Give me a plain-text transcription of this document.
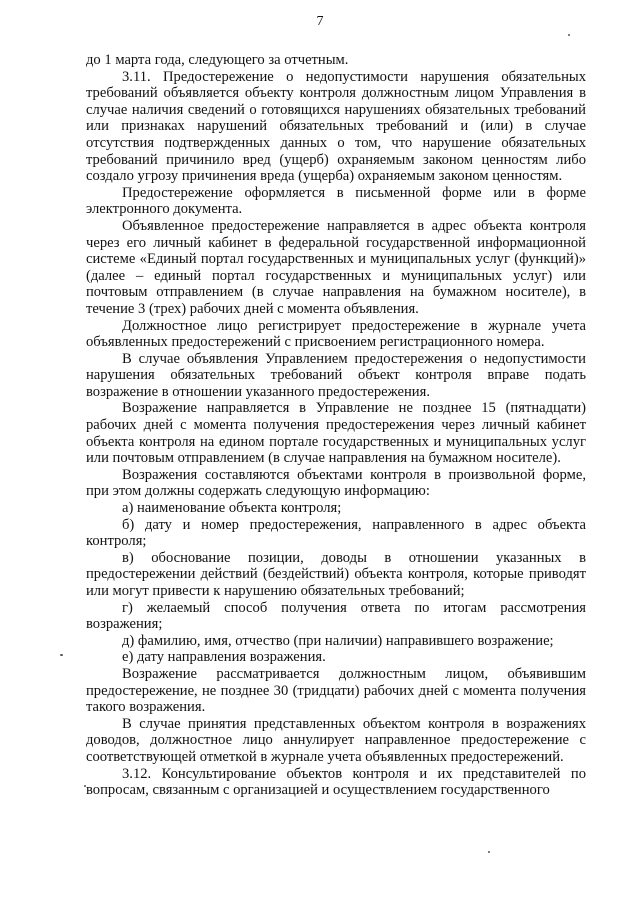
7

до 1 марта года, следующего за отчетным.

3.11. Предостережение о недопустимости нарушения обязательных требований объявляется объекту контроля должностным лицом Управления в случае наличия сведений о готовящихся нарушениях обязательных требований или признаках нарушений обязательных требований и (или) в случае отсутствия подтвержденных данных о том, что нарушение обязательных требований причинило вред (ущерб) охраняемым законом ценностям либо создало угрозу причинения вреда (ущерба) охраняемым законом ценностям.

Предостережение оформляется в письменной форме или в форме электронного документа.

Объявленное предостережение направляется в адрес объекта контроля через его личный кабинет в федеральной государственной информационной системе «Единый портал государственных и муниципальных услуг (функций)» (далее – единый портал государственных и муниципальных услуг) или почтовым отправлением (в случае направления на бумажном носителе), в течение 3 (трех) рабочих дней с момента объявления.

Должностное лицо регистрирует предостережение в журнале учета объявленных предостережений с присвоением регистрационного номера.

В случае объявления Управлением предостережения о недопустимости нарушения обязательных требований объект контроля вправе подать возражение в отношении указанного предостережения.

Возражение направляется в Управление не позднее 15 (пятнадцати) рабочих дней с момента получения предостережения через личный кабинет объекта контроля на едином портале государственных и муниципальных услуг или почтовым отправлением (в случае направления на бумажном носителе).

Возражения составляются объектами контроля в произвольной форме, при этом должны содержать следующую информацию:

а) наименование объекта контроля;

б) дату и номер предостережения, направленного в адрес объекта контроля;

в) обоснование позиции, доводы в отношении указанных в предостережении действий (бездействий) объекта контроля, которые приводят или могут привести к нарушению обязательных требований;

г) желаемый способ получения ответа по итогам рассмотрения возражения;

д) фамилию, имя, отчество (при наличии) направившего возражение;

е) дату направления возражения.

Возражение рассматривается должностным лицом, объявившим предостережение, не позднее 30 (тридцати) рабочих дней с момента получения такого возражения.

В случае принятия представленных объектом контроля в возражениях доводов, должностное лицо аннулирует направленное предостережение с соответствующей отметкой в журнале учета объявленных предостережений.

3.12. Консультирование объектов контроля и их представителей по вопросам, связанным с организацией и осуществлением государственного
